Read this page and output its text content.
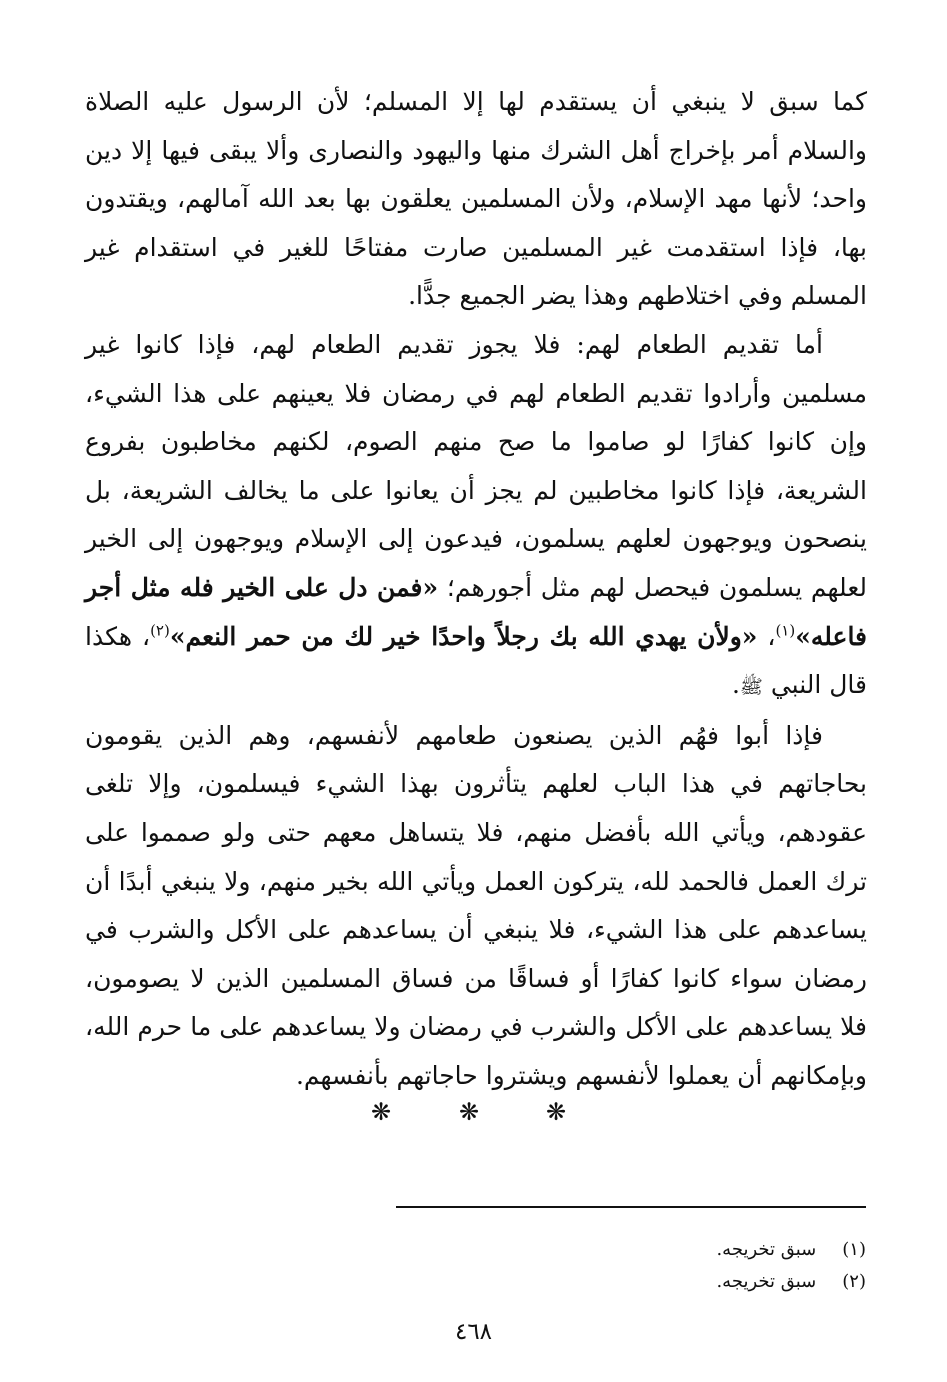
كما سبق لا ينبغي أن يستقدم لها إلا المسلم؛ لأن الرسول عليه الصلاة والسلام أمر بإخراج أهل الشرك منها واليهود والنصارى وألا يبقى فيها إلا دين واحد؛ لأنها مهد الإسلام، ولأن المسلمين يعلقون بها بعد الله آمالهم، ويقتدون بها، فإذا استقدمت غير المسلمين صارت مفتاحًا للغير في استقدام غير المسلم وفي اختلاطهم وهذا يضر الجميع جدًّا.

أما تقديم الطعام لهم: فلا يجوز تقديم الطعام لهم، فإذا كانوا غير مسلمين وأرادوا تقديم الطعام لهم في رمضان فلا يعينهم على هذا الشيء، وإن كانوا كفارًا لو صاموا ما صح منهم الصوم، لكنهم مخاطبون بفروع الشريعة، فإذا كانوا مخاطبين لم يجز أن يعانوا على ما يخالف الشريعة، بل ينصحون ويوجهون لعلهم يسلمون، فيدعون إلى الإسلام ويوجهون إلى الخير لعلهم يسلمون فيحصل لهم مثل أجورهم؛ «فمن دل على الخير فله مثل أجر فاعله»$^{(١)}$، «ولأن يهدي الله بك رجلاً واحدًا خير لك من حمر النعم»$^{(٢)}$، هكذا قال النبي ﷺ.

فإذا أبوا فهُم الذين يصنعون طعامهم لأنفسهم، وهم الذين يقومون بحاجاتهم في هذا الباب لعلهم يتأثرون بهذا الشيء فيسلمون، وإلا تلغى عقودهم، ويأتي الله بأفضل منهم، فلا يتساهل معهم حتى ولو صمموا على ترك العمل فالحمد لله، يتركون العمل ويأتي الله بخير منهم، ولا ينبغي أبدًا أن يساعدهم على هذا الشيء، فلا ينبغي أن يساعدهم على الأكل والشرب في رمضان سواء كانوا كفارًا أو فساقًا من فساق المسلمين الذين لا يصومون، فلا يساعدهم على الأكل والشرب في رمضان ولا يساعدهم على ما حرم الله، وبإمكانهم أن يعملوا لأنفسهم ويشتروا حاجاتهم بأنفسهم.

❋	❋	❋
(١) سبق تخريجه.
(٢) سبق تخريجه.
٤٦٨
